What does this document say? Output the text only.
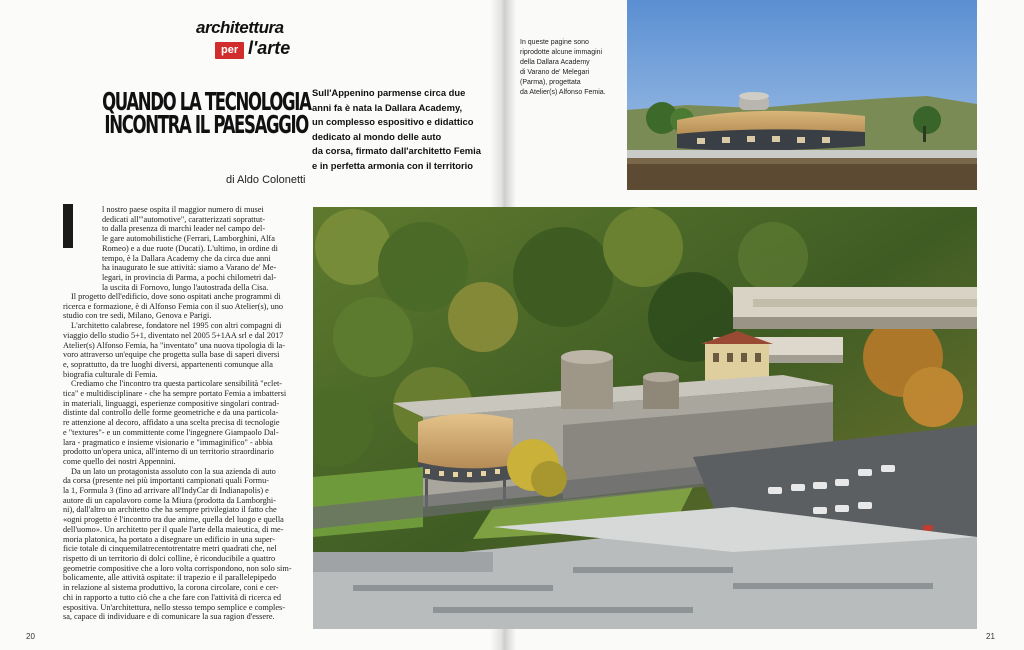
architettura
per l'arte
QUANDO LA TECNOLOGIA
INCONTRA IL PAESAGGIO
di Aldo Colonetti
l nostro paese ospita il maggior numero di musei
dedicati all'"automotive", caratterizzati soprattut-
to dalla presenza di marchi leader nel campo del-
le gare automobilistiche (Ferrari, Lamborghini, Alfa
Romeo) e a due ruote (Ducati). L'ultimo, in ordine di
tempo, è la Dallara Academy che da circa due anni
ha inaugurato le sue attività: siamo a Varano de' Me-
legari, in provincia di Parma, a pochi chilometri dal-
la uscita di Fornovo, lungo l'autostrada della Cisa.

Il progetto dell'edificio, dove sono ospitati anche programmi di
ricerca e formazione, è di Alfonso Femia con il suo Atelier(s), uno
studio con tre sedi, Milano, Genova e Parigi.

L'architetto calabrese, fondatore nel 1995 con altri compagni di
viaggio dello studio 5+1, diventato nel 2005 5+1AA srl e dal 2017
Atelier(s) Alfonso Femia, ha "inventato" una nuova tipologia di la-
voro attraverso un'equipe che progetta sulla base di saperi diversi
e, soprattutto, da tre luoghi diversi, appartenenti comunque alla
biografia culturale di Femia.

Crediamo che l'incontro tra questa particolare sensibilità "eclet-
tica" e multidisciplinare - che ha sempre portato Femia a imbattersi
in materiali, linguaggi, esperienze compositive singolari contrad-
distinte dal controllo delle forme geometriche e da una particola-
re attenzione al decoro, affidato a una scelta precisa di tecnologie
e "textures"- e un committente come l'ingegnere Giampaolo Dal-
lara - pragmatico e insieme visionario e "immaginifico" - abbia
prodotto un'opera unica, all'interno di un territorio straordinario
come quello dei nostri Appennini.

Da un lato un protagonista assoluto con la sua azienda di auto
da corsa (presente nei più importanti campionati quali Formu-
la 1, Formula 3 (fino ad arrivare all'IndyCar di Indianapolis) e
autore di un capolavoro come la Miura (prodotta da Lamborghi-
ni), dall'altro un architetto che ha sempre privilegiato il fatto che
«ogni progetto è l'incontro tra due anime, quella del luogo e quella
dell'uomo». Un architetto per il quale l'arte della maieutica, di me-
moria platonica, ha portato a disegnare un edificio in una super-
ficie totale di cinquemilatrecentotrentatre metri quadrati che, nel
rispetto di un territorio di dolci colline, è riconducibile a quattro
geometrie compositive che a loro volta corrispondono, non solo sim-
bolicamente, alle attività ospitate: il trapezio e il parallelepipedo
in relazione al sistema produttivo, la corona circolare, coni e cer-
chi in rapporto a tutto ciò che a che fare con l'attività di ricerca ed
espositiva. Un'architettura, nello stesso tempo semplice e comples-
sa, capace di individuare e di comunicare la sua ragion d'essere.

20	21
Sull'Appenino parmense circa due
anni fa è nata la Dallara Academy,
un complesso espositivo e didattico
dedicato al mondo delle auto
da corsa, firmato dall'architetto Femia
e in perfetta armonia con il territorio
In queste pagine sono
riprodotte alcune immagini
della Dallara Academy
di Varano de' Melegari
(Parma), progettata
da Atelier(s) Alfonso Femia.
